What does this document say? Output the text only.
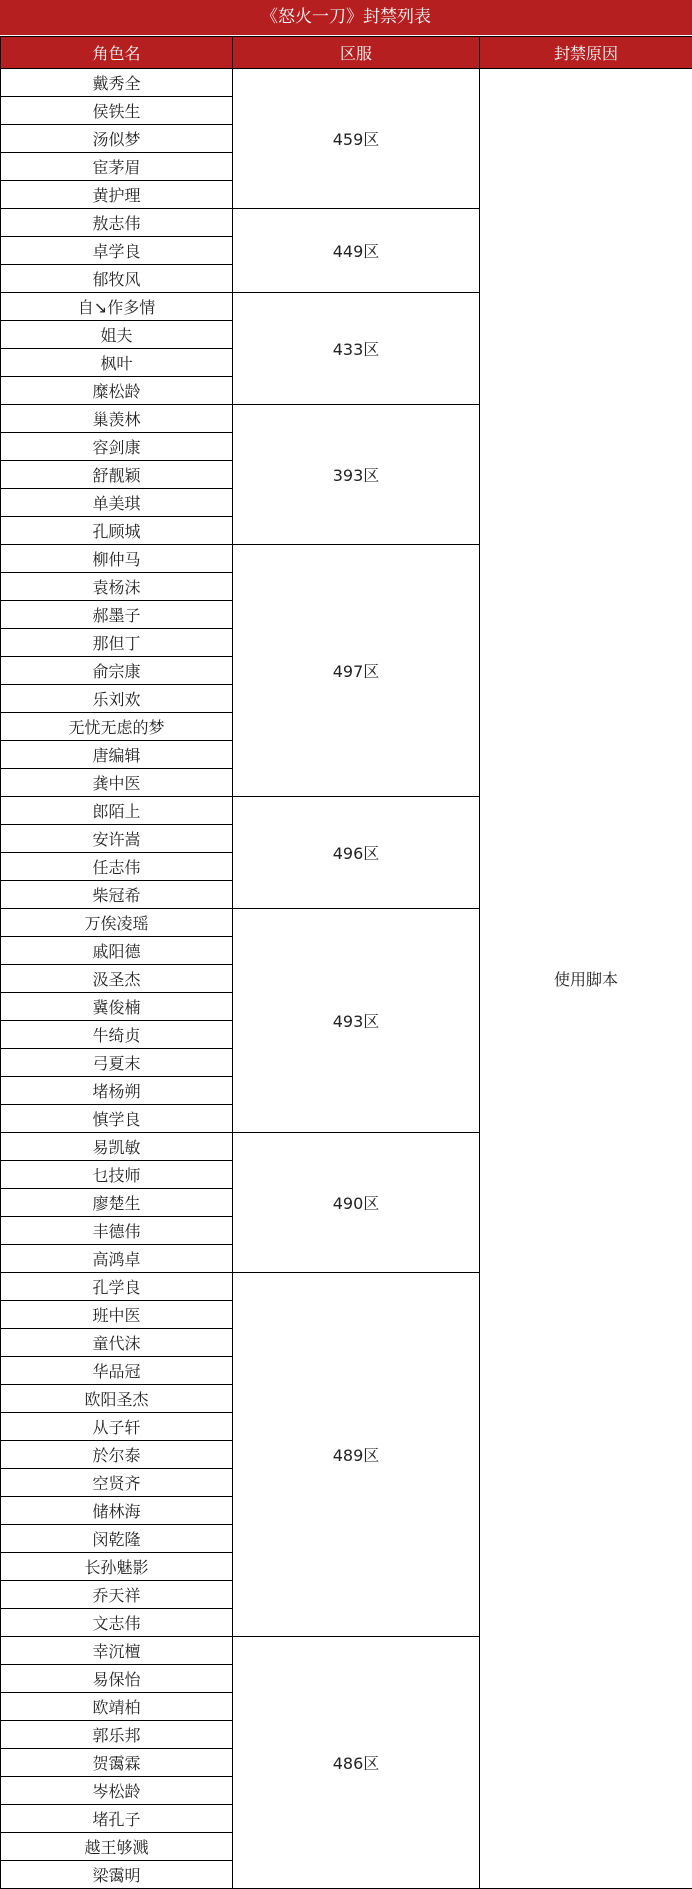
《怒火一刀》封禁列表
角色名	区服	封禁原因
戴秀全	459区	使用脚本
侯铁生		
汤似梦		
宦茅眉		
黄护理		
敖志伟	449区	
卓学良		
郁牧风		
自↘作多情	433区	
姐夫		
枫叶		
糜松龄		
巢羡林	393区	
容剑康		
舒靓颖		
单美琪		
孔顾城		
柳仲马	497区	
袁杨沫		
郝墨子		
那但丁		
俞宗康		
乐刘欢		
无忧无虑的梦		
唐编辑		
龚中医		
郎陌上	496区	
安许嵩		
任志伟		
柴冠希		
万俟凌瑶	493区	
戚阳德		
汲圣杰		
冀俊楠		
牛绮贞		
弓夏末		
堵杨朔		
慎学良		
易凯敏	490区	
乜技师		
廖楚生		
丰德伟		
高鸿卓		
孔学良	489区	
班中医		
童代沫		
华品冠		
欧阳圣杰		
从子轩		
於尔泰		
空贤齐		
储林海		
闵乾隆		
长孙魅影		
乔天祥		
文志伟		
幸沉檀	486区	
易保怡		
欧靖柏		
郭乐邦		
贺霭霖		
岑松龄		
堵孔子		
越王够溅		
梁霭明		
